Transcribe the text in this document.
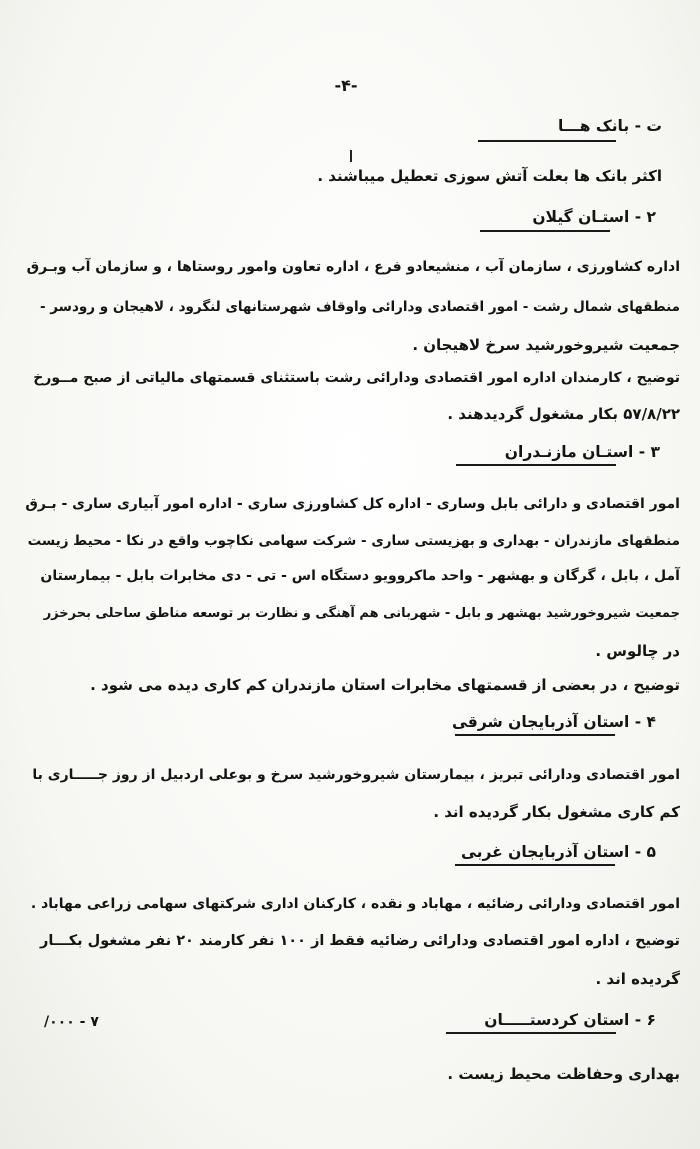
-۴-
ت - بانک هـــا
اکثر بانک ها بعلت آتش سوزی تعطیل میباشند .
۲ - استـان گیلان
اداره کشاورزی ، سازمان آب ، منشیعادو فرع ، اداره تعاون وامور روستاها ، و سازمان آب وبـرق
منطقهای شمال رشت - امور اقتصادی ودارائی واوقاف شهرستانهای لنگرود ، لاهیجان و رودسر -
جمعیت شیروخورشید سرخ لاهیجان .
توضیح ، کارمندان اداره امور اقتصادی ودارائی رشت باستثنای قسمتهای مالیاتی از صبح مــورخ
۵۷/۸/۲۲ بکار مشغول گردیدهند .
۳ - استـان مازنـدران
امور اقتصادی و دارائی بابل وساری - اداره کل کشاورزی ساری - اداره امور آبیاری ساری - بـرق
منطقهای مازندران - بهداری و بهزیستی ساری - شرکت سهامی نکاچوب واقع در نکا - محیط زیست
آمل ، بابل ، گرگان و بهشهر - واحد ماکروویو دستگاه اس - تی - دی مخابرات بابل - بیمارستان
جمعیت شیروخورشید بهشهر و بابل - شهربانی هم آهنگی و نظارت بر توسعه مناطق ساحلی بحرخزر
در چالوس .
توضیح ، در بعضی از قسمتهای مخابرات استان مازندران کم کاری دیده می شود .
۴ - استان آذربایجان شرقی
امور اقتصادی ودارائی تبریز ، بیمارستان شیروخورشید سرخ و بوعلی اردبیل از روز جـــــاری با
کم کاری مشغول بکار گردیده اند .
۵ - استان آذربایجان غربی
امور اقتصادی ودارائی رضائیه ، مهاباد و نقده ، کارکنان اداری شرکتهای سهامی زراعی مهاباد .
توضیح ، اداره امور اقتصادی ودارائی رضائیه فقط از ۱۰۰ نفر کارمند ۲۰ نفر مشغول بکـــار
گردیده اند .
۶ - استان کردستـــــان
بهداری وحفاظت محیط زیست .
۷ - ۰۰۰/
